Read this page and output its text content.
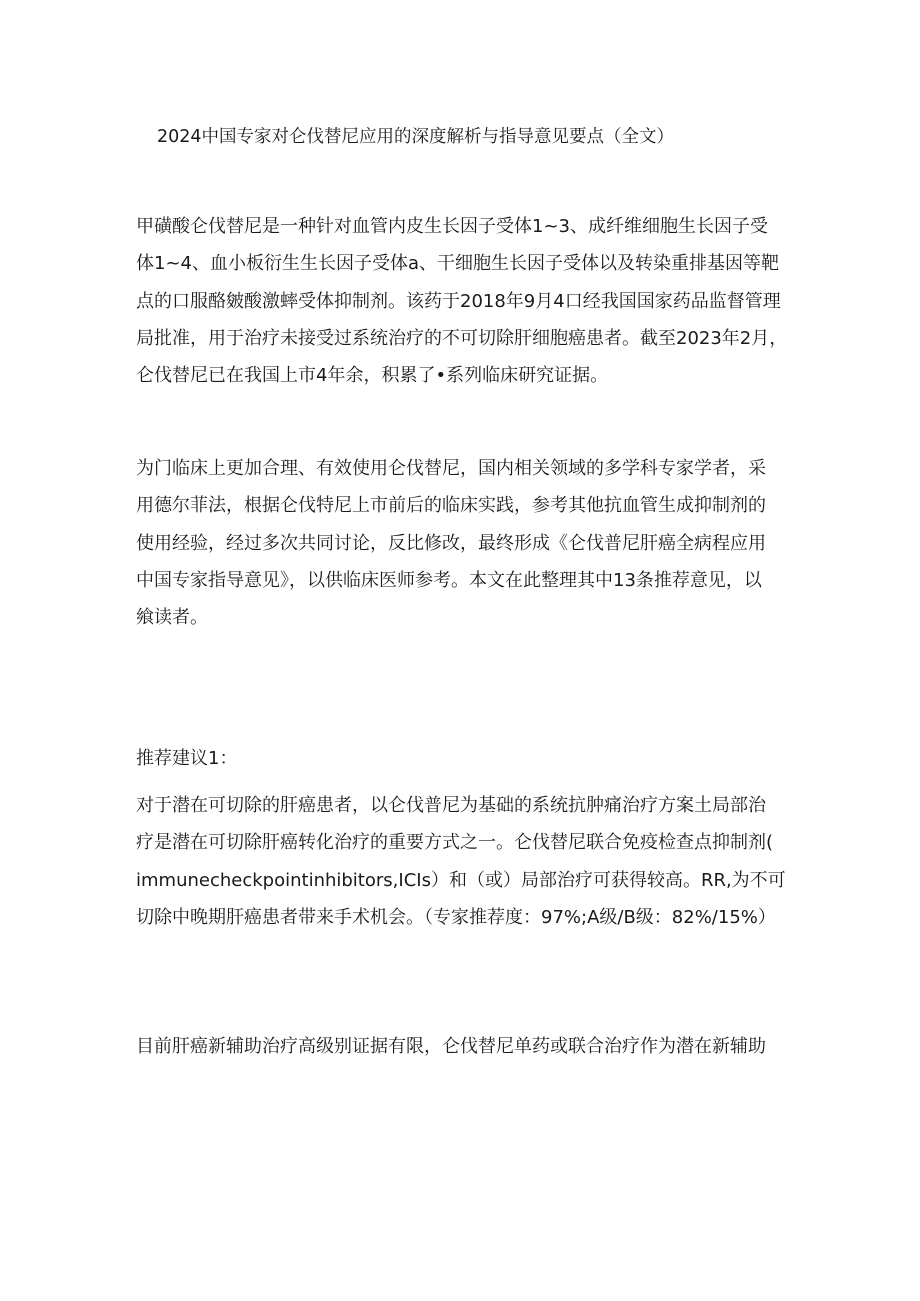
2024中国专家对仑伐替尼应用的深度解析与指导意见要点（全文）

甲磺酸仑伐替尼是一种针对血管内皮生长因子受体1~3、成纤维细胞生长因子受
体1~4、血小板衍生生长因子受体a、干细胞生长因子受体以及转染重排基因等靶
点的口服酪皴酸激蟀受体抑制剂。该药于2018年9月4口经我国国家药品监督管理
局批准，用于治疗未接受过系统治疗的不可切除肝细胞癌患者。截至2023年2月，
仑伐替尼已在我国上市4年余，积累了•系列临床研究证据。

为门临床上更加合理、有效使用仑伐替尼，国内相关领域的多学科专家学者，采
用德尔菲法，根据仑伐特尼上市前后的临床实践，参考其他抗血管生成抑制剂的
使用经验，经过多次共同讨论，反比修改，最终形成《仑伐普尼肝癌全病程应用
中国专家指导意见》，以供临床医师参考。本文在此整理其中13条推荐意见，以
飨读者。

推荐建议1：

对于潜在可切除的肝癌患者，以仑伐普尼为基础的系统抗肿痛治疗方案土局部治
疗是潜在可切除肝癌转化治疗的重要方式之一。仑伐替尼联合免疫检查点抑制剂(
immunecheckpointinhibitors,ICIs）和（或）局部治疗可获得较高。RR,为不可
切除中晚期肝癌患者带来手术机会。（专家推荐度：97%;A级/B级：82%/15%）

目前肝癌新辅助治疗高级别证据有限，仑伐替尼单药或联合治疗作为潜在新辅助
